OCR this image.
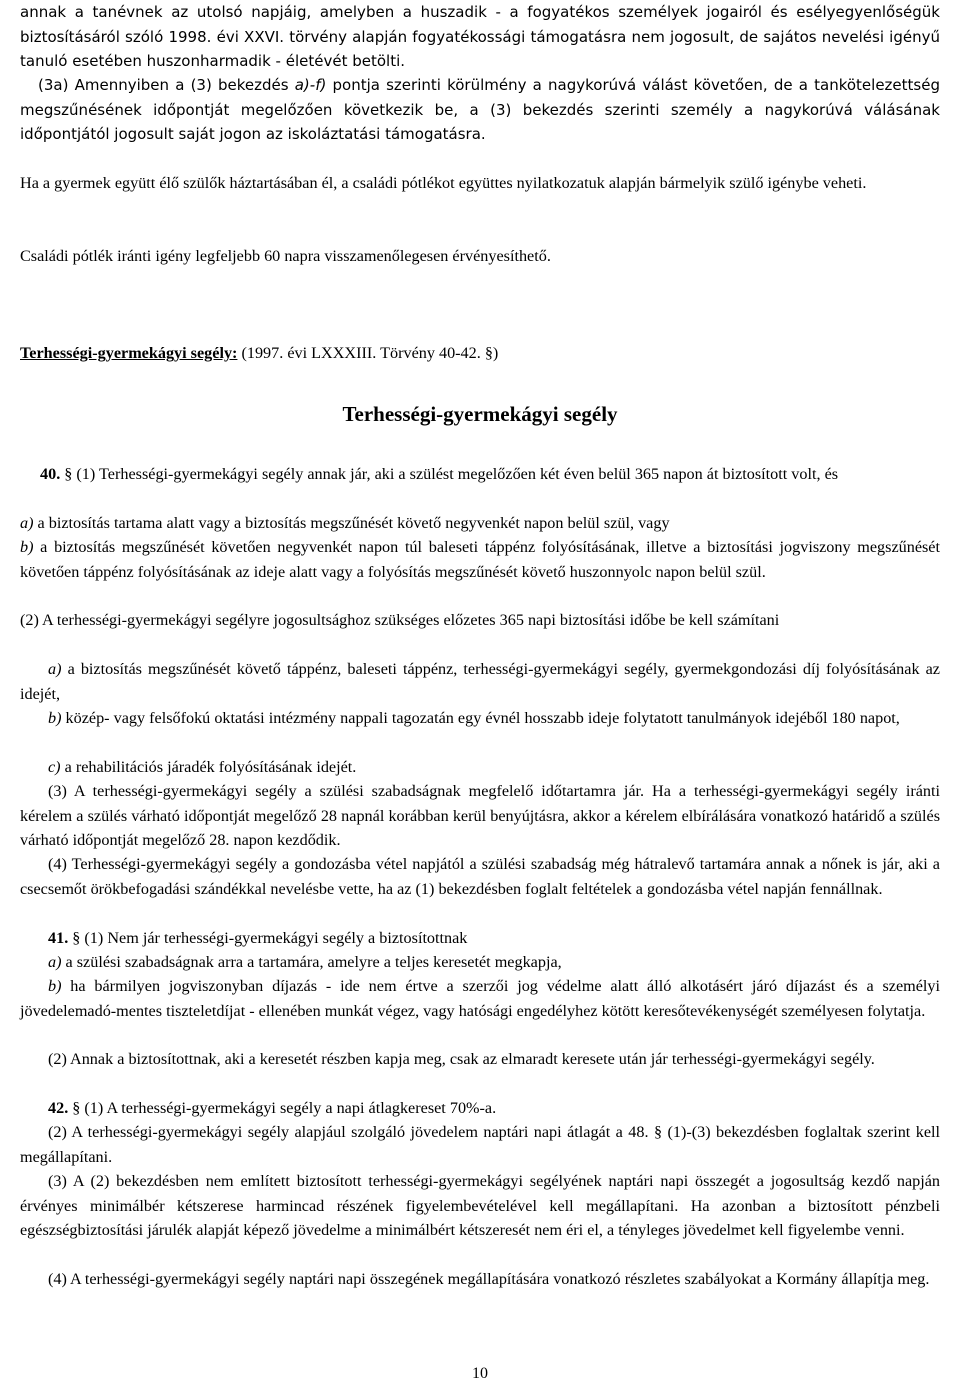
annak a tanévnek az utolsó napjáig, amelyben a huszadik - a fogyatékos személyek jogairól és esélyegyenlőségük biztosításáról szóló 1998. évi XXVI. törvény alapján fogyatékossági támogatásra nem jogosult, de sajátos nevelési igényű tanuló esetében huszonharmadik - életévét betölti.

(3a) Amennyiben a (3) bekezdés a)-f) pontja szerinti körülmény a nagykorúvá válást követően, de a tankötelezettség megszűnésének időpontját megelőzően következik be, a (3) bekezdés szerinti személy a nagykorúvá válásának időpontjától jogosult saját jogon az iskoláztatási támogatásra.

Ha a gyermek együtt élő szülők háztartásában él, a családi pótlékot együttes nyilatkozatuk alapján bármelyik szülő igénybe veheti.

Családi pótlék iránti igény legfeljebb 60 napra visszamenőlegesen érvényesíthető.

Terhességi-gyermekágyi segély: (1997. évi LXXXIII. Törvény 40-42. §)

Terhességi-gyermekágyi segély

40. § (1) Terhességi-gyermekágyi segély annak jár, aki a szülést megelőzően két éven belül 365 napon át biztosított volt, és

a) a biztosítás tartama alatt vagy a biztosítás megszűnését követő negyvenkét napon belül szül, vagy

b) a biztosítás megszűnését követően negyvenkét napon túl baleseti táppénz folyósításának, illetve a biztosítási jogviszony megszűnését követően táppénz folyósításának az ideje alatt vagy a folyósítás megszűnését követő huszonnyolc napon belül szül.

(2) A terhességi-gyermekágyi segélyre jogosultsághoz szükséges előzetes 365 napi biztosítási időbe be kell számítani

a) a biztosítás megszűnését követő táppénz, baleseti táppénz, terhességi-gyermekágyi segély, gyermekgondozási díj folyósításának az idejét,

b) közép- vagy felsőfokú oktatási intézmény nappali tagozatán egy évnél hosszabb ideje folytatott tanulmányok idejéből 180 napot,

c) a rehabilitációs járadék folyósításának idejét.

(3) A terhességi-gyermekágyi segély a szülési szabadságnak megfelelő időtartamra jár. Ha a terhességi-gyermekágyi segély iránti kérelem a szülés várható időpontját megelőző 28 napnál korábban kerül benyújtásra, akkor a kérelem elbírálására vonatkozó határidő a szülés várható időpontját megelőző 28. napon kezdődik.

(4) Terhességi-gyermekágyi segély a gondozásba vétel napjától a szülési szabadság még hátralevő tartamára annak a nőnek is jár, aki a csecsemőt örökbefogadási szándékkal nevelésbe vette, ha az (1) bekezdésben foglalt feltételek a gondozásba vétel napján fennállnak.

41. § (1) Nem jár terhességi-gyermekágyi segély a biztosítottnak

a) a szülési szabadságnak arra a tartamára, amelyre a teljes keresetét megkapja,

b) ha bármilyen jogviszonyban díjazás - ide nem értve a szerzői jog védelme alatt álló alkotásért járó díjazást és a személyi jövedelemadó-mentes tiszteletdíjat - ellenében munkát végez, vagy hatósági engedélyhez kötött keresőtevékenységét személyesen folytatja.

(2) Annak a biztosítottnak, aki a keresetét részben kapja meg, csak az elmaradt keresete után jár terhességi-gyermekágyi segély.

42. § (1) A terhességi-gyermekágyi segély a napi átlagkereset 70%-a.

(2) A terhességi-gyermekágyi segély alapjául szolgáló jövedelem naptári napi átlagát a 48. § (1)-(3) bekezdésben foglaltak szerint kell megállapítani.

(3) A (2) bekezdésben nem említett biztosított terhességi-gyermekágyi segélyének naptári napi összegét a jogosultság kezdő napján érvényes minimálbér kétszerese harmincad részének figyelembevételével kell megállapítani. Ha azonban a biztosított pénzbeli egészségbiztosítási járulék alapját képező jövedelme a minimálbért kétszeresét nem éri el, a tényleges jövedelmet kell figyelembe venni.

(4) A terhességi-gyermekágyi segély naptári napi összegének megállapítására vonatkozó részletes szabályokat a Kormány állapítja meg.

10
